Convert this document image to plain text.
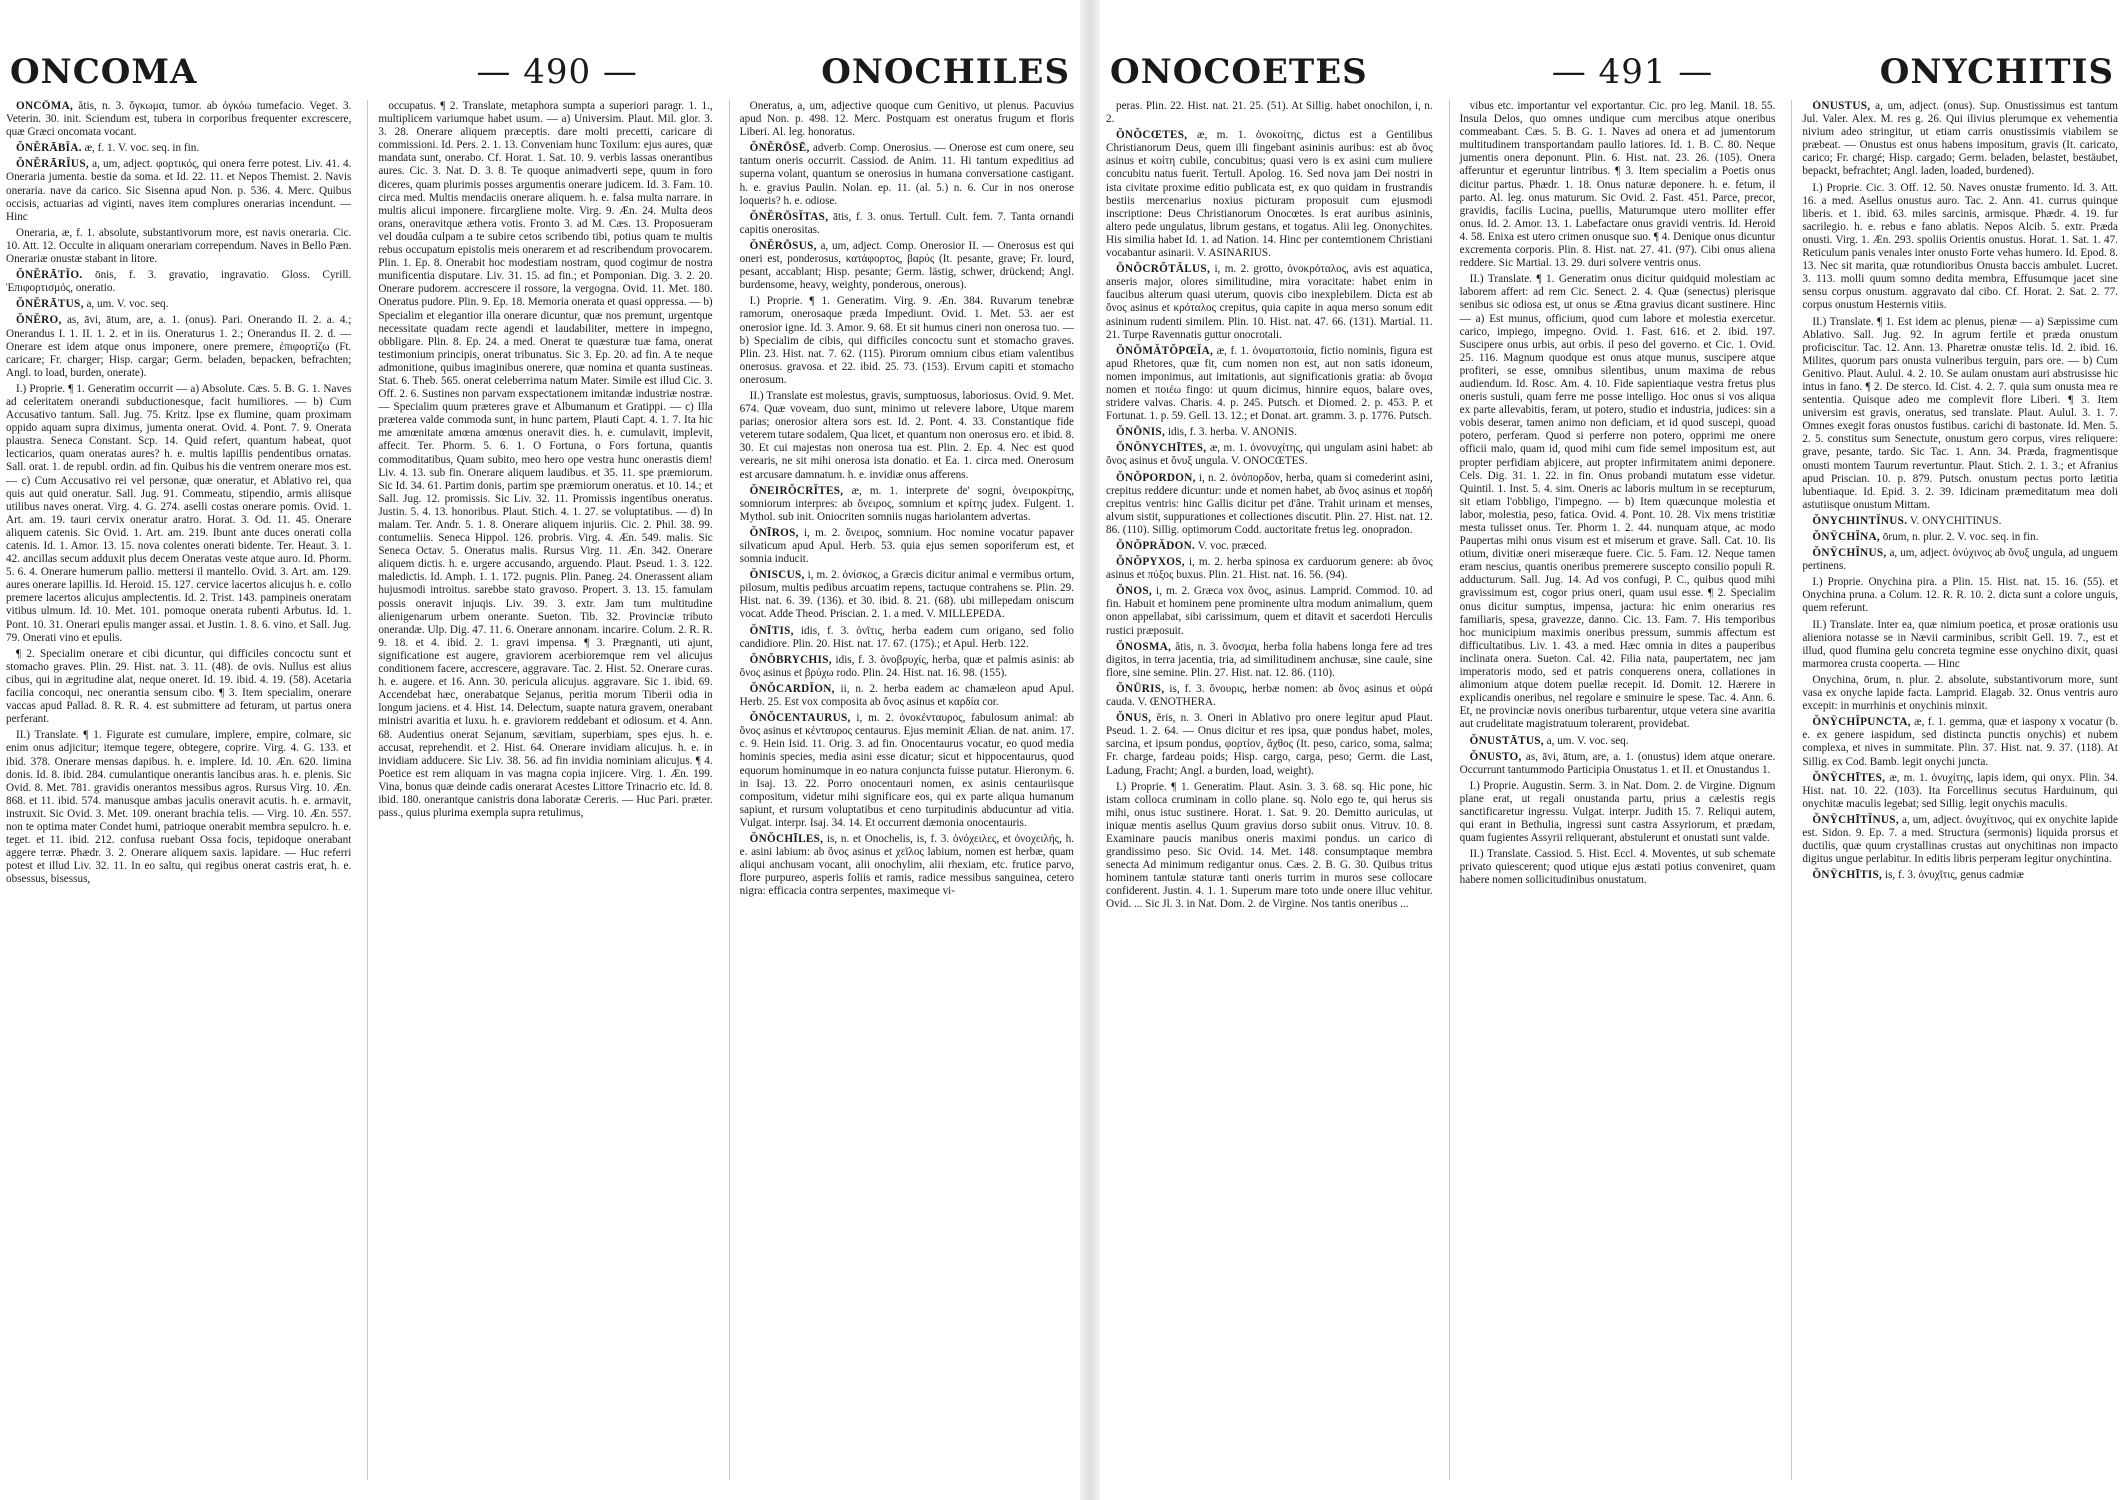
ONCOMA	— 490 —	ONOCHILES

ONCŌMA, ătis, n. 3. ὄγκωμα, tumor. ab ὀγκόω tumefacio. Veget. 3. Veterin. 30. init. Sciendum est, tubera in corporibus frequenter excrescere, quæ Græci oncomata vocant.

ŎNĔRĀBĬA. æ, f. 1. V. voc. seq. in fin.

ŎNĔRĀRĬUS, a, um, adject. φορτικός, qui onera ferre potest. Liv. 41. 4. Onerariа jumenta. bestie da soma. et Id. 22. 11. et Nepos Themist. 2. Navis oneraria. nave da carico. Sic Sisenna apud Non. p. 536. 4. Merc. Quibus occisis, actuarias ad viginti, naves item complures onerarias incendunt. — Hinc

Oneraria, æ, f. 1. absolute, substantivorum more, est navis oneraria. Cic. 10. Att. 12. Occulte in aliquam onerariam corrependum. Naves in Bello Pæn. Onerariæ onustæ stabant in litore.

ŎNĔRĀTĬO. ōnis, f. 3. gravatio, ingravatio. Gloss. Cyrill. Ἐπιφορτισμός, oneratio.

ŎNĔRĀTUS, a, um. V. voc. seq.

ŎNĔRO, as, āvi, ātum, are, a. 1. (onus). Pari. Onerando II. 2. a. 4.; Onerandus I. 1. II. 1. 2. et in iis. Oneraturus 1. 2.; Onerandus II. 2. d. — Onerare est idem atque onus imponere, onere premere, ἐπιφορτίζω (Ft. caricare; Fr. charger; Hisp. cargar; Germ. beladen, bepacken, befrachten; Angl. to load, burden, onerate).

I.) Proprie. ¶ 1. Generatim occurrit — a) Absolute. Cæs. 5. B. G. 1. Naves ad celeritatem onerandi subductionesque, facit humiliores. — b) Cum Accusativo tantum. Sall. Jug. 75. Kritz. Ipse ex flumine, quam proximam oppido aquam supra diximus, jumenta onerat. Ovid. 4. Pont. 7. 9. Onerata plaustra. Seneca Constant. Scp. 14. Quid refert, quantum habeat, quot lecticarios, quam oneratas aures? h. e. multis lapillis pendentibus ornatas. Sall. orat. 1. de republ. ordin. ad fin. Quibus his die ventrem onerare mos est. — c) Cum Accusativo rei vel personæ, quæ oneratur, et Ablativo rei, qua quis aut quid oneratur. Sall. Jug. 91. Commeatu, stipendio, armis aliisque utilibus naves onerat. Virg. 4. G. 274. aselli costas onerare pomis. Ovid. 1. Art. am. 19. tauri cervix oneratur aratro. Horat. 3. Od. 11. 45. Onerare aliquem catenis. Sic Ovid. 1. Art. am. 219. Ibunt ante duces onerati colla catenis. Id. 1. Amor. 13. 15. nova colentes onerati bidente. Ter. Heaut. 3. 1. 42. ancillas secum adduxit plus decem Oneratas veste atque auro. Id. Phorm. 5. 6. 4. Onerare humerum pallio. mettersi il mantello. Ovid. 3. Art. am. 129. aures onerare lapillis. Id. Heroid. 15. 127. cervice lacertos alicujus h. e. collo premere lacertos alicujus amplectentis. Id. 2. Trist. 143. pampineis oneratam vitibus ulmum. Id. 10. Met. 101. pomoque onerata rubenti Arbutus. Id. 1. Pont. 10. 31. Onerari epulis manger assai. et Justin. 1. 8. 6. vino. et Sall. Jug. 79. Onerati vino et epulis.

¶ 2. Specialim onerare et cibi dicuntur, qui difficiles concoctu sunt et stomacho graves. Plin. 29. Hist. nat. 3. 11. (48). de ovis. Nullus est alius cibus, qui in ægritudine alat, neque oneret. Id. 19. ibid. 4. 19. (58). Acetaria facilia concoqui, nec onerantia sensum cibo. ¶ 3. Item specialim, onerare vaccas apud Pallad. 8. R. R. 4. est submittere ad feturam, ut partus onera perferant.

II.) Translate. ¶ 1. Figurate est cumulare, implere, empire, colmare, sic enim onus adjicitur; itemque tegere, obtegere, coprire. Virg. 4. G. 133. et ibid. 378. Onerare mensas dapibus. h. e. implere. Id. 10. Æn. 620. limina donis. Id. 8. ibid. 284. cumulantique onerantis lancibus aras. h. e. plenis. Sic Ovid. 8. Met. 781. gravidis onerantos messibus agros. Rursus Virg. 10. Æn. 868. et 11. ibid. 574. manusque ambas jaculis oneravit acutis. h. e. armavit, instruxit. Sic Ovid. 3. Met. 109. onerant brachia telis. — Virg. 10. Æn. 557. non te optima mater Condet humi, patrioque onerabit membra sepulcro. h. e. teget. et 11. ibid. 212. confusa ruebant Ossa focis, tepidoque onerabant aggere terræ. Phædr. 3. 2. Onerare aliquem saxis. lapidare. — Huc referri potest et illud Liv. 32. 11. In eo saltu, qui regibus onerat castris erat, h. e. obsessus, bisessus,

occupatus. ¶ 2. Translate, metaphora sumpta a superiori paragr. 1. 1., multiplicem variumque habet usum. — a) Universim. Plaut. Mil. glor. 3. 3. 28. Onerare aliquem præceptis. dare molti precetti, caricare di commissioni. Id. Pers. 2. 1. 13. Conveniam hunc Toxilum: ejus aures, quæ mandata sunt, onerabo. Cf. Horat. 1. Sat. 10. 9. verbis lassas onerantibus aures. Cic. 3. Nat. D. 3. 8. Te quoque animadverti sepe, quum in foro diceres, quam plurimis posses argumentis onerare judicem. Id. 3. Fam. 10. circa med. Multis mendaciis onerare aliquem. h. e. falsa multa narrare. in multis alicui imponere. fircargliene molte. Virg. 9. Æn. 24. Multa deos orans, oneravitque æthera votis. Fronto 3. ad M. Cæs. 13. Proposueram vel doudâa culpam a te subire cetos scribendo tibi, potius quam te multis rebus occupatum epistolis meis onerarem et ad rescribendum provocarem. Plin. 1. Ep. 8. Onerabit hoc modestiam nostram, quod cogimur de nostra munificentia disputare. Liv. 31. 15. ad fin.; et Pomponian. Dig. 3. 2. 20. Onerare pudorem. accrescere il rossore, la vergogna. Ovid. 11. Met. 180. Oneratus pudore. Plin. 9. Ep. 18. Memoria onerata et quasi oppressa. — b) Specialim et elegantior illa onerare dicuntur, quæ nos premunt, urgentque necessitate quadam recte agendi et laudabiliter, mettere in impegno, obbligare. Plin. 8. Ep. 24. a med. Onerat te quæsturæ tuæ fama, onerat testimonium principis, onerat tribunatus. Sic 3. Ep. 20. ad fin. A te neque admonitione, quibus imaginibus onerere, quæ nomina et quanta sustineas. Stat. 6. Theb. 565. onerat celeberrima natum Mater. Simile est illud Cic. 3. Off. 2. 6. Sustines non parvam exspectationem imitandæ industriæ nostræ. — Specialim quum præteres grave et Albumanum et Gratippi. — c) Illa præterea valde commoda sunt, in hunc partem, Plauti Capt. 4. 1. 7. Ita hic me amœnitate amœna amœnus oneravit dies. h. e. cumulavit, implevit, affecit. Ter. Phorm. 5. 6. 1. O Fortuna, o Fors fortuna, quantis commoditatibus, Quam subito, meo hero ope vestra hunc onerastis diem! Liv. 4. 13. sub fin. Onerare aliquem laudibus. et 35. 11. spe præmiorum. Sic Id. 34. 61. Partim donis, partim spe præmiorum oneratus. et 10. 14.; et Sall. Jug. 12. promissis. Sic Liv. 32. 11. Promissis ingentibus oneratus. Justin. 5. 4. 13. honoribus. Plaut. Stich. 4. 1. 27. se voluptatibus. — d) In malam. Ter. Andr. 5. 1. 8. Onerare aliquem injuriis. Cic. 2. Phil. 38. 99. contumeliis. Seneca Hippol. 126. probris. Virg. 4. Æn. 549. malis. Sic Seneca Octav. 5. Oneratus malis. Rursus Virg. 11. Æn. 342. Onerare aliquem dictis. h. e. urgere accusando, arguendo. Plaut. Pseud. 1. 3. 122. maledictis. Id. Amph. 1. 1. 172. pugnis. Plin. Paneg. 24. Onerassent aliam hujusmodi introitus. sarebbe stato gravoso. Propert. 3. 13. 15. famulam possis oneravit injuqis. Liv. 39. 3. extr. Jam tum multitudine alienigenarum urbem onerante. Sueton. Tib. 32. Provinciæ tributo onerandæ. Ulp. Dig. 47. 11. 6. Onerare annonam. incarire. Colum. 2. R. R. 9. 18. et 4. ibid. 2. 1. gravi impensa. ¶ 3. Prægnanti, uti ajunt, significatione est augere, graviorem acerbioremque rem vel alicujus conditionem facere, accrescere, aggravare. Tac. 2. Hist. 52. Onerare curas. h. e. augere. et 16. Ann. 30. pericula alicujus. aggravare. Sic 1. ibid. 69. Accendebat hæc, onerabatque Sejanus, peritia morum Tiberii odia in longum jaciens. et 4. Hist. 14. Delectum, suapte natura gravem, onerabant ministri avaritia et luxu. h. e. graviorem reddebant et odiosum. et 4. Ann. 68. Audentius onerat Sejanum, sævitiam, superbiam, spes ejus. h. e. accusat, reprehendit. et 2. Hist. 64. Onerare invidiam alicujus. h. e. in invidiam adducere. Sic Liv. 38. 56. ad fin invidia nominiam alicujus. ¶ 4. Poetice est rem aliquam in vas magna copia injicere. Virg. 1. Æn. 199. Vina, bonus quæ deinde cadis onerarat Acestes Littore Trinacrio etc. Id. 8. ibid. 180. onerantque canistris dona laboratæ Cereris. — Huc Pari. præter. pass., quius plurima exempla supra retulimus,

Oneratus, a, um, adjective quoque cum Genitivo, ut plenus. Pacuvius apud Non. p. 498. 12. Merc. Postquam est oneratus frugum et floris Liberi. Al. leg. honoratus.

ŎNĔRŌSĒ, adverb. Comp. Onerosius. — Onerose est cum onere, seu tantum oneris occurrit. Cassiod. de Anim. 11. Hi tantum expeditius ad superna volant, quantum se onerosius in humana conversatione castigant. h. e. gravius Paulin. Nolan. ep. 11. (al. 5.) n. 6. Cur in nos onerose loqueris? h. e. odiose.

ŎNĔRŌSĬTAS, ātis, f. 3. onus. Tertull. Cult. fem. 7. Tanta ornandi capitis onerositas.

ŎNĔRŌSUS, a, um, adject. Comp. Onerosior II. — Onerosus est qui oneri est, ponderosus, κατάφορτος, βαρύς (It. pesante, grave; Fr. lourd, pesant, accablant; Hisp. pesante; Germ. lästig, schwer, drückend; Angl. burdensome, heavy, weighty, ponderous, onerous).

I.) Proprie. ¶ 1. Generatim. Virg. 9. Æn. 384. Ruvarum tenebræ ramorum, onerosaque præda Impediunt. Ovid. 1. Met. 53. aer est onerosior igne. Id. 3. Amor. 9. 68. Et sit humus cineri non onerosa tuo. — b) Specialim de cibis, qui difficiles concoctu sunt et stomacho graves. Plin. 23. Hist. nat. 7. 62. (115). Pirorum omnium cibus etiam valentibus onerosus. gravosa. et 22. ibid. 25. 73. (153). Ervum capiti et stomacho onerosum.

II.) Translate est molestus, gravis, sumptuosus, laboriosus. Ovid. 9. Met. 674. Quæ voveam, duo sunt, minimo ut relevere labore, Utque marem parias; onerosior altera sors est. Id. 2. Pont. 4. 33. Constantique fide veterem tutare sodalem, Qua licet, et quantum non onerosus ero. et ibid. 8. 30. Et cui majestas non onerosa tua est. Plin. 2. Ep. 4. Nec est quod verearis, ne sit mihi onerosa ista donatio. et Ea. 1. circa med. Onerosum est arcusare damnatum. h. e. invidiæ onus afferens.

ŎNEIRŎCRĬTES, æ, m. 1. interprete de' sogni, ὀνειροκρίτης, somniorum interpres: ab ὄνειρος, somnium et κρίτης judex. Fulgent. 1. Mythol. sub init. Oniocriten somniis nugas hariolantem advertas.

ŎNĪROS, i, m. 2. ὄνειρος, somnium. Hoc nomine vocatur papaver silvaticum apud Apul. Herb. 53. quia ejus semen soporiferum est, et somnia inducit.

ŎNISCUS, i, m. 2. ὀνίσκος, a Græcis dicitur animal e vermibus ortum, pilosum, multis pedibus arcuatim repens, tactuque contrahens se. Plin. 29. Hist. nat. 6. 39. (136). et 30. ibid. 8. 21. (68). ubi millepedam oniscum vocat. Adde Theod. Priscian. 2. 1. a med. V. MILLEPEDA.

ŎNĪTIS, idis, f. 3. ὀνῖτις, herba eadem cum origano, sed folio candidiore. Plin. 20. Hist. nat. 17. 67. (175).; et Apul. Herb. 122.

ŎNŎBRYCHIS, idis, f. 3. ὀνοβρυχίς, herba, quæ et palmis asinis: ab ὄνος asinus et βρύχω rodo. Plin. 24. Hist. nat. 16. 98. (155).

ŎNŎCARDĬON, ii, n. 2. herba eadem ac chamæleon apud Apul. Herb. 25. Est vox composita ab ὄνος asinus et καρδία cor.

ŎNŎCENTAURUS, i, m. 2. ὀνοκένταυρος, fabulosum animal: ab ὄνος asinus et κένταυρος centaurus. Ejus meminit Ælian. de nat. anim. 17. c. 9. Hein Isid. 11. Orig. 3. ad fin. Onocentaurus vocatur, eo quod media hominis species, media asini esse dicatur; sicut et hippocentaurus, quod equorum hominumque in eo natura conjuncta fuisse putatur. Hieronym. 6. in Isaj. 13. 22. Porro onocentauri nomen, ex asinis centauriisque compositum, videtur mihi significare eos, qui ex parte aliqua humanum sapiunt, et rursum voluptatibus et ceno turpitudinis abducuntur ad vitia. Vulgat. interpr. Isaj. 34. 14. Et occurrent dæmonia onocentauris.

ŎNŎCHĪLES, is, n. et Onochelis, is, f. 3. ὀνόχειλες, et ὀνοχειλής, h. e. asini labium: ab ὄνος asinus et χεῖλος labium, nomen est herbæ, quam aliqui anchusam vocant, alii onochylim, alii rhexiam, etc. frutice parvo, flore purpureo, asperis foliis et ramis, radice messibus sanguinea, cetero nigra: efficacia contra serpentes, maximeque vi-

ONOCOETES	— 491 —	ONYCHITIS

peras. Plin. 22. Hist. nat. 21. 25. (51). At Sillig. habet onochilon, i, n. 2.

ŎNŎCŒTES, æ, m. 1. ὀνοκοίτης, dictus est a Gentilibus Christianorum Deus, quem illi fingebant asininis auribus: est ab ὄνος asinus et κοίτη cubile, concubitus; quasi vero is ex asini cum muliere concubitu natus fuerit. Tertull. Apolog. 16. Sed nova jam Dei nostri in ista civitate proxime editio publicata est, ex quo quidam in frustrandis bestiis mercenarius noxius picturam proposuit cum ejusmodi inscriptione: Deus Christianorum Onocœtes. Is erat auribus asininis, altero pede ungulatus, librum gestans, et togatus. Alii leg. Ononychites. His similia habet Id. 1. ad Nation. 14. Hinc per contemtionem Christiani vocabantur asinarii. V. ASINARIUS.

ŎNŎCRŎTĂLUS, i, m. 2. grotto, ὀνοκρόταλος, avis est aquatica, anseris major, olores similitudine, mira voracitate: habet enim in faucibus alterum quasi uterum, quovis cibo inexplebilem. Dicta est ab ὄνος asinus et κρόταλος crepitus, quia capite in aqua merso sonum edit asininum rudenti similem. Plin. 10. Hist. nat. 47. 66. (131). Martial. 11. 21. Turpe Ravennatis guttur onocrotali.

ŎNŎMĂTŎPŒĬA, æ, f. 1. ὀνοματοποιία, fictio nominis, figura est apud Rhetores, quæ fit, cum nomen non est, aut non satis idoneum, nomen imponimus, aut imitationis, aut significationis gratia: ab ὄνομα nomen et ποιέω fingo: ut quum dicimus, hinnire equos, balare oves, stridere valvas. Charis. 4. p. 245. Putsch. et Diomed. 2. p. 453. P. et Fortunat. 1. p. 59. Gell. 13. 12.; et Donat. art. gramm. 3. p. 1776. Putsch.

ŎNŌNIS, idis, f. 3. herba. V. ANONIS.

ŎNŎNYCHĪTES, æ, m. 1. ὀνονυχίτης, qui ungulam asini habet: ab ὄνος asinus et ὄνυξ ungula. V. ONOCŒTES.

ŎNŎPORDON, i, n. 2. ὀνόπορδον, herba, quam si comederint asini, crepitus reddere dicuntur: unde et nomen habet, ab ὄνος asinus et πορδή crepitus ventris: hinc Gallis dicitur pet d'âne. Trahit urinam et menses, alvum sistit, suppurationes et collectiones discutit. Plin. 27. Hist. nat. 12. 86. (110). Sillig. optimorum Codd. auctoritate fretus leg. onopradon.

ŎNŎPRĂDON. V. voc. præced.

ŎNŎPYXOS, i, m. 2. herba spinosa ex carduorum genere: ab ὄνος asinus et πύξος buxus. Plin. 21. Hist. nat. 16. 56. (94).

ŎNOS, i, m. 2. Græca vox ὄνος, asinus. Lamprid. Commod. 10. ad fin. Habuit et hominem pene prominente ultra modum animalium, quem onon appellabat, sibi carissimum, quem et ditavit et sacerdoti Herculis rustici præposuit.

ŎNOSMA, ătis, n. 3. ὄνοσμα, herba folia habens longa fere ad tres digitos, in terra jacentia, tria, ad similitudinem anchusæ, sine caule, sine flore, sine semine. Plin. 27. Hist. nat. 12. 86. (110).

ŎNŪRIS, is, f. 3. ὄνουρις, herbæ nomen: ab ὄνος asinus et οὐρά cauda. V. ŒNOTHERA.

ŎNUS, ĕris, n. 3. Oneri in Ablativo pro onere legitur apud Plaut. Pseud. 1. 2. 64. — Onus dicitur et res ipsa, quæ pondus habet, moles, sarcina, et ipsum pondus, φορτίον, ἄχθος (It. peso, carico, soma, salma; Fr. charge, fardeau poids; Hisp. cargo, carga, peso; Germ. die Last, Ladung, Fracht; Angl. a burden, load, weight).

I.) Proprie. ¶ 1. Generatim. Plaut. Asin. 3. 3. 68. sq. Hic pone, hic istam colloca cruminam in collo plane. sq. Nolo ego te, qui herus sis mihi, onus istuc sustinere. Horat. 1. Sat. 9. 20. Demitto auriculas, ut iniquæ mentis asellus Quum gravius dorso subiit onus. Vitruv. 10. 8. Examinare paucis manibus oneris maximi pondus. un carico di grandissimo peso. Sic Ovid. 14. Met. 148. consumptaque membra senecta Ad minimum redigantur onus. Cæs. 2. B. G. 30. Quibus tritus hominem tantulæ staturæ tanti oneris turrim in muros sese collocare confiderent. Justin. 4. 1. 1. Superum mare toto unde onere illuc vehitur. Ovid. ... Sic Jl. 3. in Nat. Dom. 2. de Virgine. Nos tantis oneribus ...

vibus etc. importantur vel exportantur. Cic. pro leg. Manil. 18. 55. Insula Delos, quo omnes undique cum mercibus atque oneribus commeabant. Cæs. 5. B. G. 1. Naves ad onera et ad jumentorum multitudinem transportandam paullo latiores. Id. 1. B. C. 80. Neque jumentis onera deponunt. Plin. 6. Hist. nat. 23. 26. (105). Onera afferuntur et egeruntur lintribus. ¶ 3. Item specialim a Poetis onus dicitur partus. Phædr. 1. 18. Onus naturæ deponere. h. e. fetum, il parto. Al. leg. onus maturum. Sic Ovid. 2. Fast. 451. Parce, precor, gravidis, facilis Lucina, puellis, Maturumque utero molliter effer onus. Id. 2. Amor. 13. 1. Labefactare onus gravidi ventris. Id. Heroid 4. 58. Enixa est utero crimen onusque suo. ¶ 4. Denique onus dicuntur excrementa corporis. Plin. 8. Hist. nat. 27. 41. (97). Cibi onus aliena reddere. Sic Martial. 13. 29. duri solvere ventris onus.

II.) Translate. ¶ 1. Generatim onus dicitur quidquid molestiam ac laborem affert: ad rem Cic. Senect. 2. 4. Quæ (senectus) plerisque senibus sic odiosa est, ut onus se Ætna gravius dicant sustinere. Hinc — a) Est munus, officium, quod cum labore et molestia exercetur. carico, impiego, impegno. Ovid. 1. Fast. 616. et 2. ibid. 197. Suscipere onus urbis, aut orbis. il peso del governo. et Cic. 1. Ovid. 25. 116. Magnum quodque est onus atque munus, suscipere atque profiteri, se esse, omnibus silentibus, unum maxima de rebus audiendum. Id. Rosc. Am. 4. 10. Fide sapientiaque vestra fretus plus oneris sustuli, quam ferre me posse intelligo. Hoc onus si vos aliqua ex parte allevabitis, feram, ut potero, studio et industria, judices: sin a vobis deserar, tamen animo non deficiam, et id quod suscepi, quoad potero, perferam. Quod si perferre non potero, opprimi me onere officii malo, quam id, quod mihi cum fide semel impositum est, aut propter perfidiam abjicere, aut propter infirmitatem animi deponere. Cels. Dig. 31. 1. 22. in fin. Onus probandi mutatum esse videtur. Quintil. 1. Inst. 5. 4. sim. Oneris ac laboris multum in se recepturum, sit etiam l'obbligo, l'impegno. — b) Item quæcunque molestia et labor, molestia, peso, fatica. Ovid. 4. Pont. 10. 28. Vix mens tristitiæ mesta tulisset onus. Ter. Phorm 1. 2. 44. nunquam atque, ac modo Paupertas mihi onus visum est et miserum et grave. Sall. Cat. 10. Iis otium, divitiæ oneri miseræque fuere. Cic. 5. Fam. 12. Neque tamen eram nescius, quantis oneribus premerere suscepto consilio populi R. adducturum. Sall. Jug. 14. Ad vos confugi, P. C., quibus quod mihi gravissimum est, cogor prius oneri, quam usui esse. ¶ 2. Specialim onus dicitur sumptus, impensa, jactura: hic enim onerarius res familiaris, spesa, gravezze, danno. Cic. 13. Fam. 7. His temporibus hoc municipium maximis oneribus pressum, summis affectum est difficultatibus. Liv. 1. 43. a med. Hæc omnia in dites a pauperibus inclinata onera. Sueton. Cal. 42. Filia nata, paupertatem, nec jam imperatoris modo, sed et patris conquerens onera, collationes in alimonium atque dotem puellæ recepit. Id. Domit. 12. Hærere in explicandis oneribus, nel regolare e sminuire le spese. Tac. 4. Ann. 6. Et, ne provinciæ novis oneribus turbarentur, utque vetera sine avaritia aut crudelitate magistratuum tolerarent, providebat.

ŎNUSTĀTUS, a, um. V. voc. seq.

ŎNUSTO, as, āvi, ātum, are, a. 1. (onustus) idem atque onerare. Occurrunt tantummodo Participia Onustatus 1. et II. et Onustandus 1.

I.) Proprie. Augustin. Serm. 3. in Nat. Dom. 2. de Virgine. Dignum plane erat, ut regali onustanda partu, prius a cælestis regis sanctificaretur ingressu. Vulgat. interpr. Judith 15. 7. Reliqui autem, qui erant in Bethulia, ingressi sunt castra Assyriorum, et prædam, quam fugientes Assyrii reliquerant, abstulerunt et onustati sunt valde.

II.) Translate. Cassiod. 5. Hist. Eccl. 4. Moventes, ut sub schemate privato quiescerent; quod utique ejus æstati potius conveniret, quam habere nomen sollicitudinibus onustatum.

ŎNUSTUS, a, um, adject. (onus). Sup. Onustissimus est tantum Jul. Valer. Alex. M. res g. 26. Qui ilivius plerumque ex vehementia nivium adeo stringitur, ut etiam carris onustissimis viabilem se præbeat. — Onustus est onus habens impositum, gravis (It. caricato, carico; Fr. chargé; Hisp. cargado; Germ. beladen, belastet, bestäubet, bepackt, befrachtet; Angl. laden, loaded, burdened).

I.) Proprie. Cic. 3. Off. 12. 50. Naves onustæ frumento. Id. 3. Att. 16. a med. Asellus onustus auro. Tac. 2. Ann. 41. currus quinque liberis. et 1. ibid. 63. miles sarcinis, armisque. Phædr. 4. 19. fur sacrilegio. h. e. rebus e fano ablatis. Nepos Alcib. 5. extr. Præda onusti. Virg. 1. Æn. 293. spoliis Orientis onustus. Horat. 1. Sat. 1. 47. Reticulum panis venales inter onusto Forte vehas humero. Id. Epod. 8. 13. Nec sit marita, quæ rotundioribus Onusta baccis ambulet. Lucret. 3. 113. molli quum somno dedita membra, Effusumque jacet sine sensu corpus onustum. aggravato dal cibo. Cf. Horat. 2. Sat. 2. 77. corpus onustum Hesternis vitiis.

II.) Translate. ¶ 1. Est idem ac plenus, pienæ — a) Sæpissime cum Ablativo. Sall. Jug. 92. In agrum fertile et præda onustum proficiscitur. Tac. 12. Ann. 13. Pharetræ onustæ telis. Id. 2. ibid. 16. Milites, quorum pars onusta vulneribus terguin, pars ore. — b) Cum Genitivo. Plaut. Aulul. 4. 2. 10. Se aulam onustam auri abstrusisse hic intus in fano. ¶ 2. De sterco. Id. Cist. 4. 2. 7. quia sum onusta mea re sententia. Quisque adeo me complevit flore Liberi. ¶ 3. Item universim est gravis, oneratus, sed translate. Plaut. Aulul. 3. 1. 7. Omnes exegit foras onustos fustibus. carichi di bastonate. Id. Men. 5. 2. 5. constitus sum Senectute, onustum gero corpus, vires reliquere: grave, pesante, tardo. Sic Tac. 1. Ann. 34. Præda, fragmentisque onusti montem Taurum revertuntur. Plaut. Stich. 2. 1. 3.; et Afranius apud Priscian. 10. p. 879. Putsch. onustum pectus porto lætitia lubentiaque. Id. Epid. 3. 2. 39. Idicinam præmeditatum mea doli astutiisque onustum Mittam.

ŎNYCHINTĬNUS. V. ONYCHITINUS.

ŎNŸCHĬNA, ōrum, n. plur. 2. V. voc. seq. in fin.

ŎNŸCHĬNUS, a, um, adject. ὀνύχινος ab ὄνυξ ungula, ad unguem pertinens.

I.) Proprie. Onychina pira. a Plin. 15. Hist. nat. 15. 16. (55). et Onychina pruna. a Colum. 12. R. R. 10. 2. dicta sunt a colore unguis, quem referunt.

II.) Translate. Inter ea, quæ nimium poetica, et prosæ orationis usu alieniora notasse se in Nævii carminibus, scribit Gell. 19. 7., est et illud, quod flumina gelu concreta tegmine esse onychino dixit, quasi marmorea crusta cooperta. — Hinc

Onychina, ōrum, n. plur. 2. absolute, substantivorum more, sunt vasa ex onyche lapide facta. Lamprid. Elagab. 32. Onus ventris auro excepit: in murrhinis et onychinis minxit.

ŎNŸCHĬPUNCTA, æ, f. 1. gemma, quæ et iaspony x vocatur (b. e. ex genere iaspidum, sed distincta punctis onychis) et nubem complexa, et nives in summitate. Plin. 37. Hist. nat. 9. 37. (118). At Sillig. ex Cod. Bamb. legit onychi juncta.

ŎNŸCHĪTES, æ, m. 1. ὀνυχίτης, lapis idem, qui onyx. Plin. 34. Hist. nat. 10. 22. (103). Ita Forcellinus secutus Harduinum, qui onychitæ maculis legebat; sed Sillig. legit onychis maculis.

ŎNŸCHĪTĬNUS, a, um, adject. ὀνυχίτινος, qui ex onychite lapide est. Sidon. 9. Ep. 7. a med. Structura (sermonis) liquida prorsus et ductilis, quæ quum crystallinas crustas aut onychitinas non impacto digitus ungue perlabitur. In editis libris perperam legitur onychintina.

ŎNŸCHĪTIS, is, f. 3. ὀνυχῖτις, genus cadmiæ
